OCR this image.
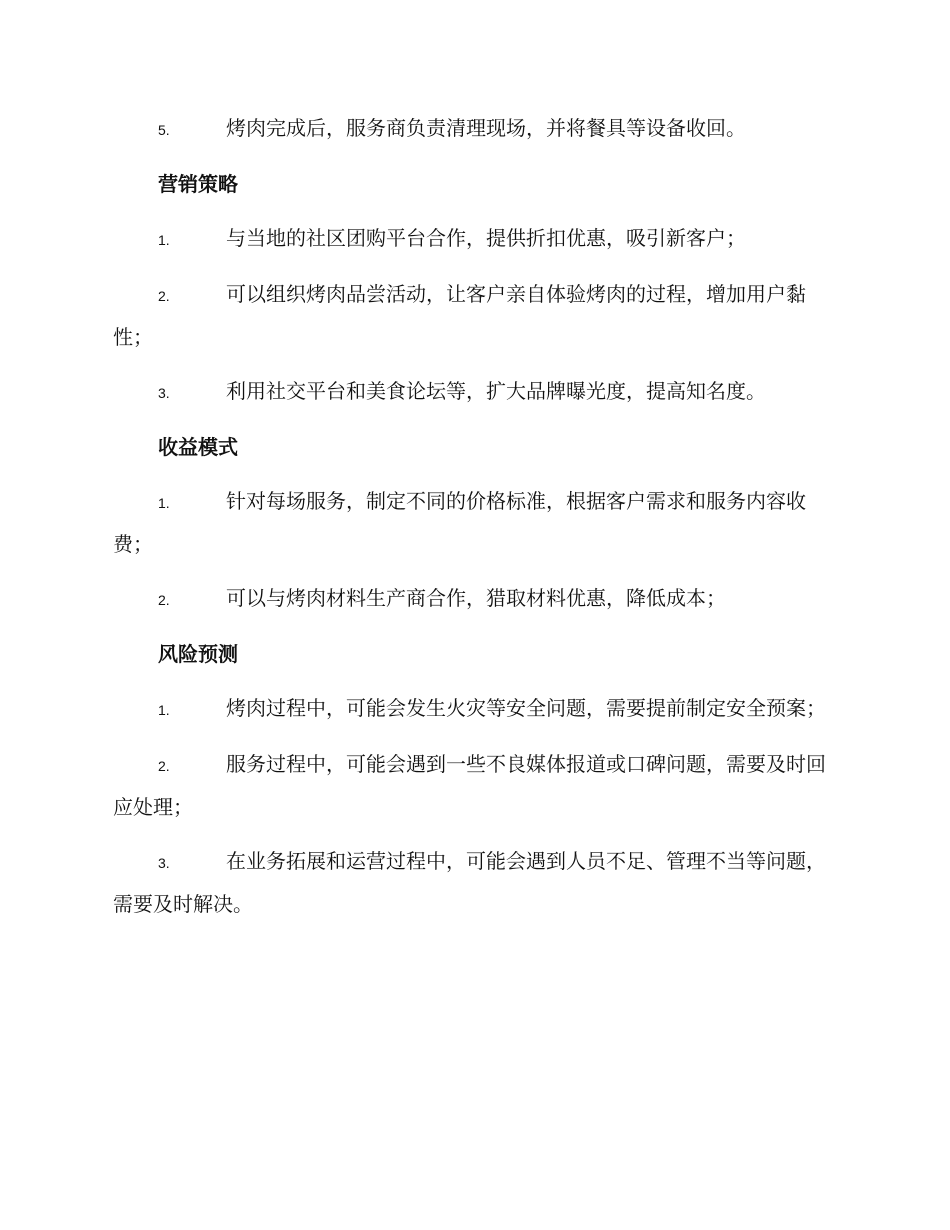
5.	烤肉完成后，服务商负责清理现场，并将餐具等设备收回。
营销策略
1.	与当地的社区团购平台合作，提供折扣优惠，吸引新客户；
2.	可以组织烤肉品尝活动，让客户亲自体验烤肉的过程，增加用户黏性；
3.	利用社交平台和美食论坛等，扩大品牌曝光度，提高知名度。
收益模式
1.	针对每场服务，制定不同的价格标准，根据客户需求和服务内容收费；
2.	可以与烤肉材料生产商合作，猎取材料优惠，降低成本；
风险预测
1.	烤肉过程中，可能会发生火灾等安全问题，需要提前制定安全预案；
2.	服务过程中，可能会遇到一些不良媒体报道或口碑问题，需要及时回应处理；
3.	在业务拓展和运营过程中，可能会遇到人员不足、管理不当等问题，需要及时解决。
